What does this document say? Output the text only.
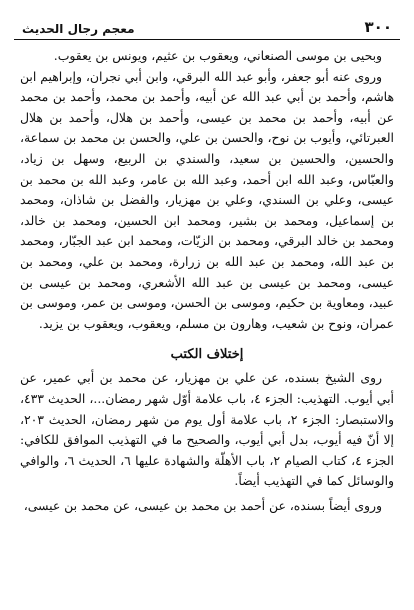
٣٠٠
معجم رجال الحديث

وبحيى بن موسى الصنعاني، ويعقوب بن عثيم، ويونس بن يعقوب.

وروى عنه أبو جعفر، وأبو عبد الله البرقي، وابن أبي نجران، وإبراهيم ابن هاشم، وأحمد بن أبي عبد الله عن أبيه، وأحمد بن محمد، وأحمد بن محمد عن أبيه، وأحمد بن محمد بن عيسى، وأحمد بن هلال، وأحمد بن هلال العبرتائي، وأيوب بن نوح، والحسن بن علي، والحسن بن محمد بن سماعة، والحسين، والحسين بن سعيد، والسندي بن الربيع، وسهل بن زياد، والعبّاس، وعبد الله ابن أحمد، وعبد الله بن عامر، وعبد الله بن محمد بن عيسى، وعلي بن السندي، وعلي بن مهزيار، والفضل بن شاذان، ومحمد بن إسماعيل، ومحمد بن بشير، ومحمد ابن الحسين، ومحمد بن خالد، ومحمد بن خالد البرقي، ومحمد بن الزيّات، ومحمد ابن عبد الجبّار، ومحمد بن عبد الله، ومحمد بن عبد الله بن زرارة، ومحمد بن علي، ومحمد بن عيسى، ومحمد بن عيسى بن عبد الله الأشعري، ومحمد بن عيسى بن عبيد، ومعاوية بن حكيم، وموسى بن الحسن، وموسى بن عمر، وموسى بن عمران، ونوح بن شعيب، وهارون بن مسلم، ويعقوب، ويعقوب بن يزيد.

إختلاف الكتب

روى الشيخ بسنده، عن علي بن مهزيار، عن محمد بن أبي عمير، عن أبي أيوب. التهذيب: الجزء ٤، باب علامة أوّل شهر رمضان...، الحديث ٤٣٣، والاستبصار: الجزء ٢، باب علامة أول يوم من شهر رمضان، الحديث ٢٠٣، إلا أنّ فيه أيوب، بدل أبي أيوب، والصحيح ما في التهذيب الموافق للكافي: الجزء ٤، كتاب الصيام ٢، باب الأهلّة والشهادة عليها ٦، الحديث ٦، والوافي والوسائل كما في التهذيب أيضاً.

وروى أيضاً بسنده، عن أحمد بن محمد بن عيسى، عن محمد بن عيسى،
